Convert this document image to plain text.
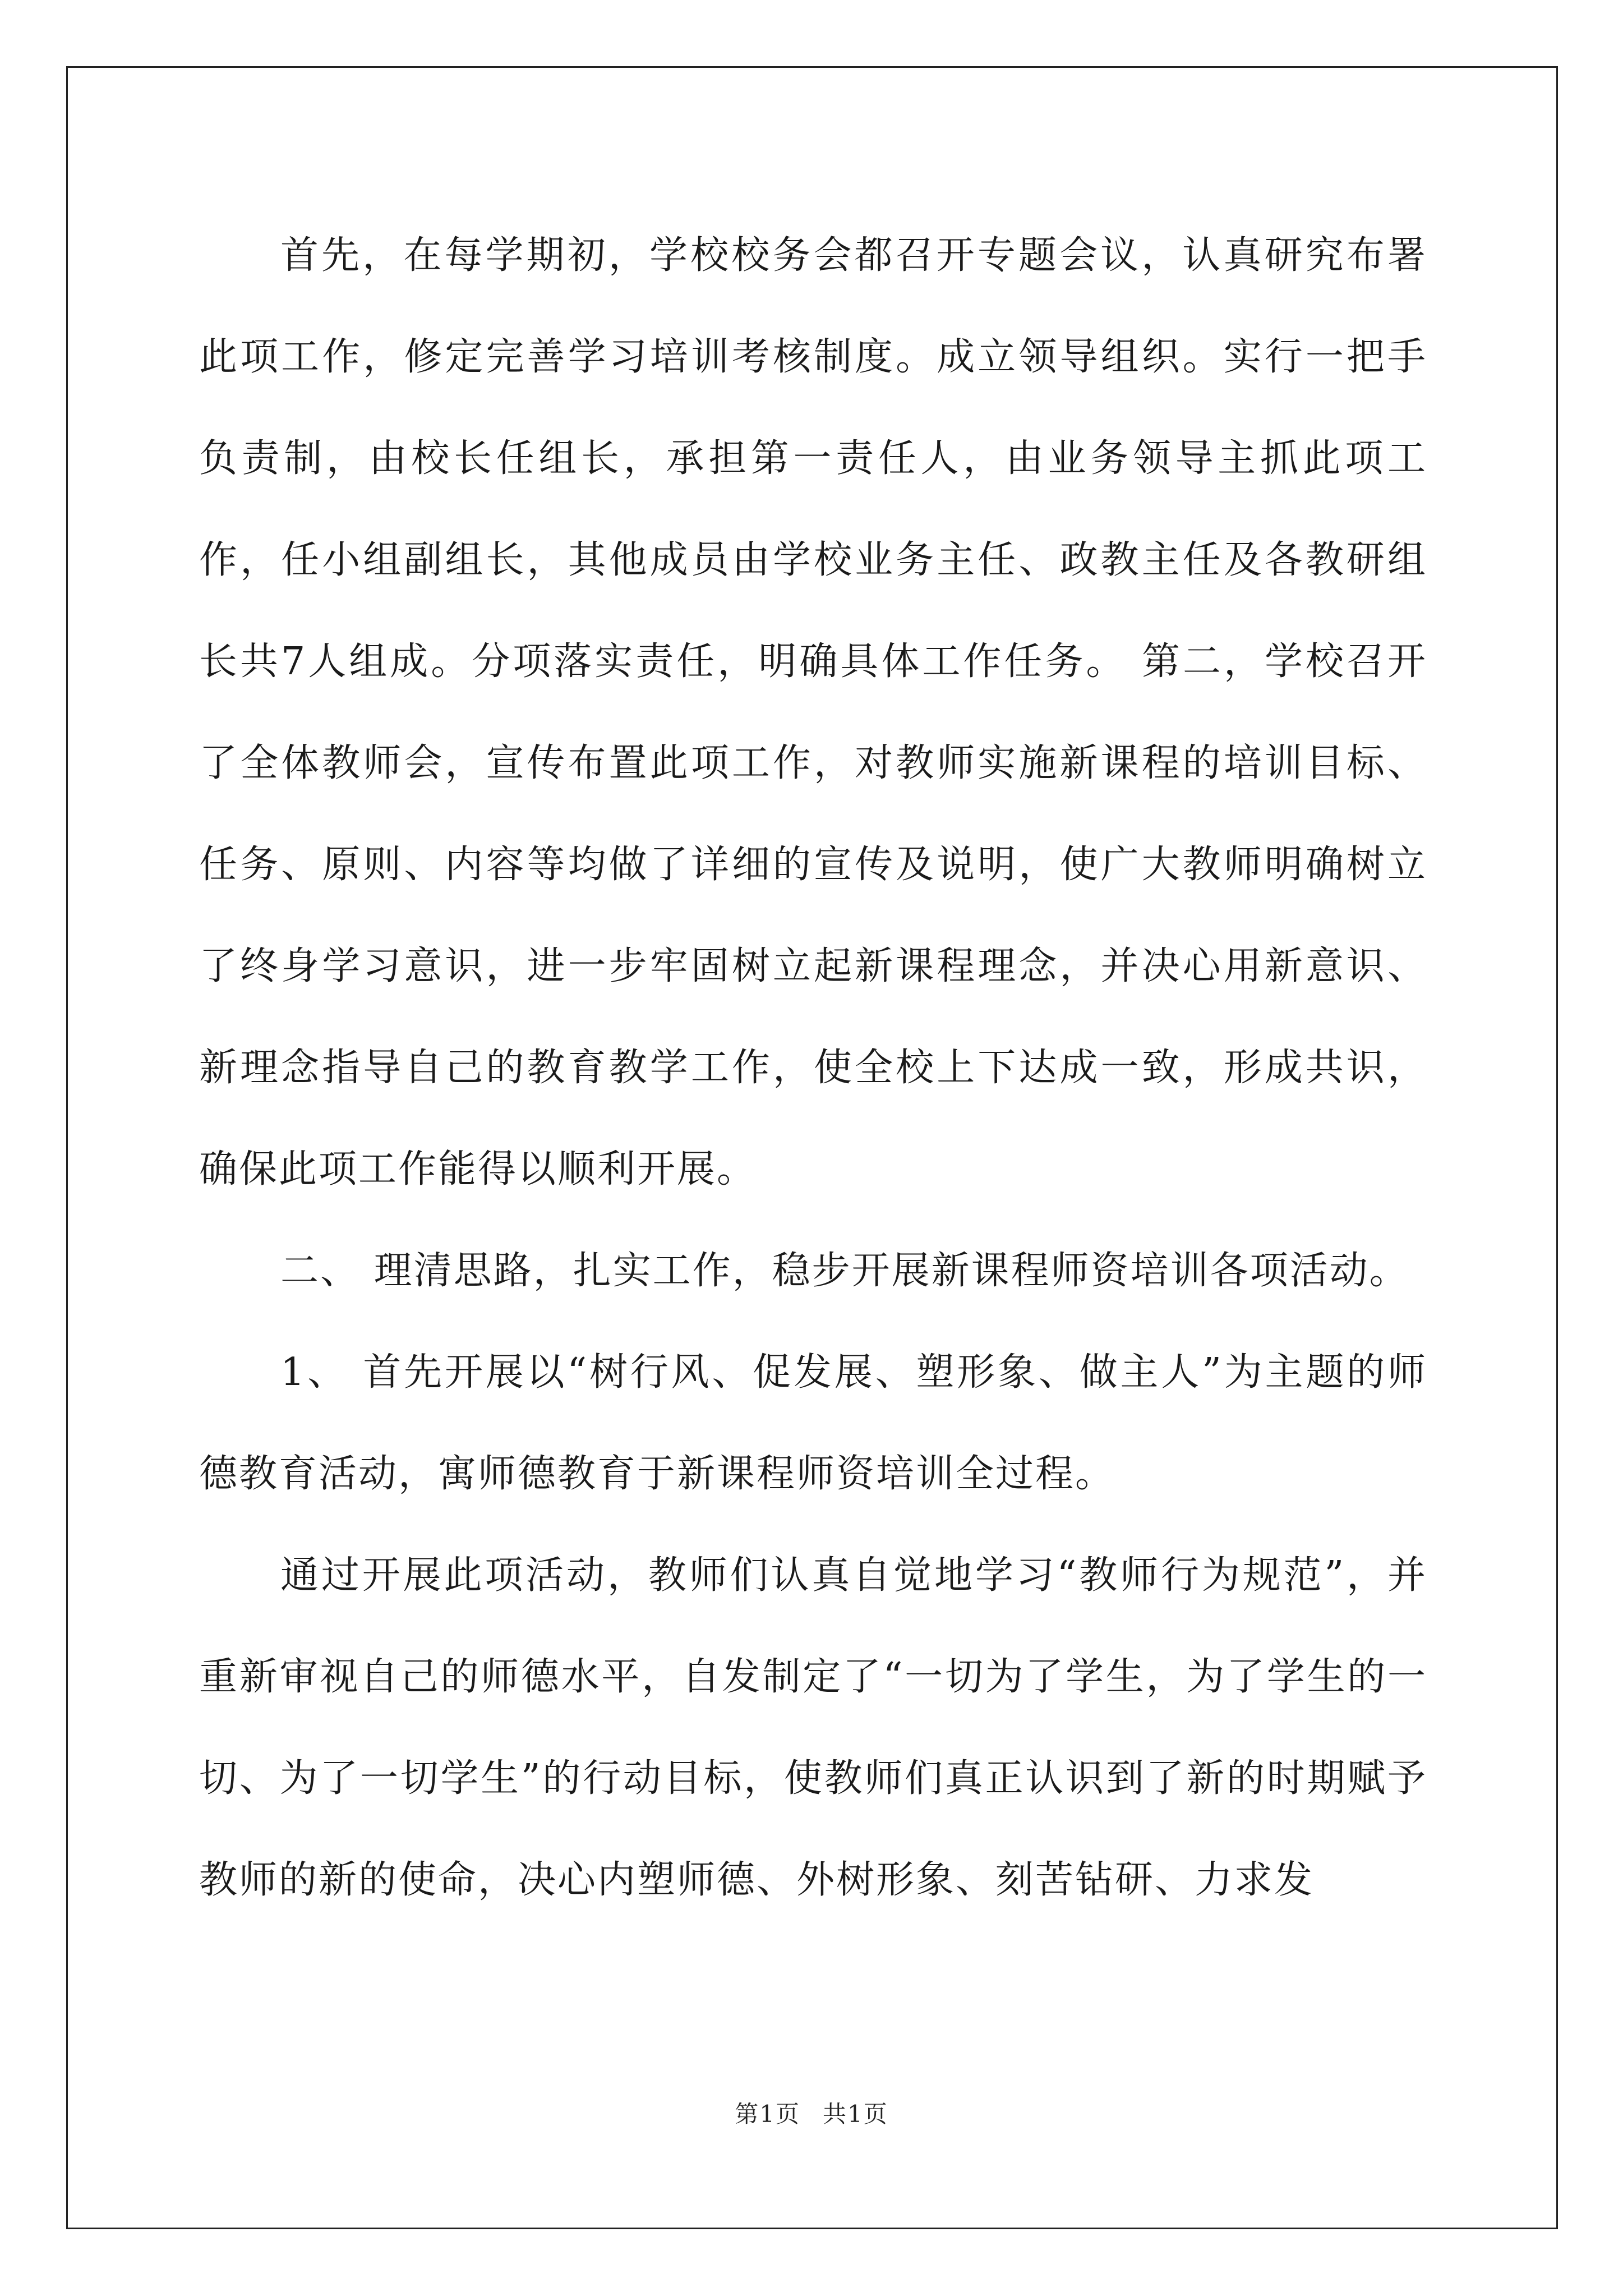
首先，在每学期初，学校校务会都召开专题会议，认真研究布署此项工作，修定完善学习培训考核制度。成立领导组织。实行一把手负责制，由校长任组长，承担第一责任人，由业务领导主抓此项工作，任小组副组长，其他成员由学校业务主任、政教主任及各教研组长共7人组成。分项落实责任，明确具体工作任务。 第二，学校召开了全体教师会，宣传布置此项工作，对教师实施新课程的培训目标、任务、原则、内容等均做了详细的宣传及说明，使广大教师明确树立了终身学习意识，进一步牢固树立起新课程理念，并决心用新意识、新理念指导自己的教育教学工作，使全校上下达成一致，形成共识，确保此项工作能得以顺利开展。

二、 理清思路，扎实工作，稳步开展新课程师资培训各项活动。

1、 首先开展以“树行风、促发展、塑形象、做主人”为主题的师德教育活动，寓师德教育于新课程师资培训全过程。

通过开展此项活动，教师们认真自觉地学习“教师行为规范”，并重新审视自己的师德水平，自发制定了“一切为了学生，为了学生的一切、为了一切学生”的行动目标，使教师们真正认识到了新的时期赋予教师的新的使命，决心内塑师德、外树形象、刻苦钻研、力求发

第1页 共1页
